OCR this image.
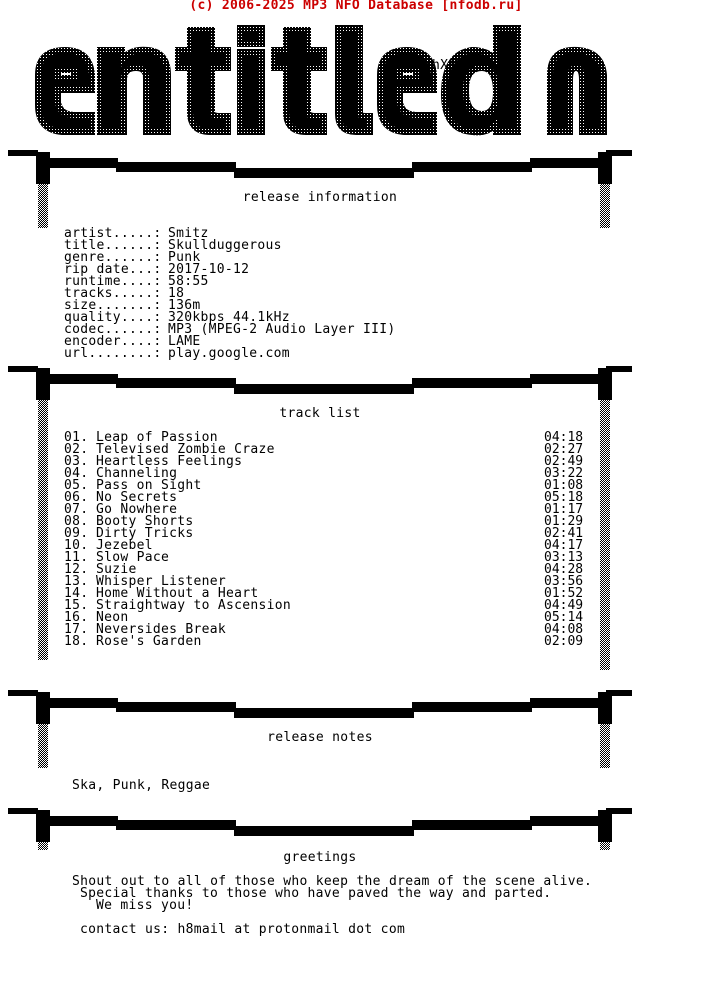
(c) 2006-2025 MP3 NFO Database [nfodb.ru]
hX!
release information
artist.....: Smitz
title......: Skullduggerous
genre......: Punk
rip date...: 2017-10-12
runtime....: 58:55
tracks.....: 18
size.......: 136m
quality....: 320kbps 44.1kHz
codec......: MP3 (MPEG-2 Audio Layer III)
encoder....: LAME
url........: play.google.com
track list
01. Leap of Passion	04:18
02. Televised Zombie Craze	02:27
03. Heartless Feelings	02:49
04. Channeling	03:22
05. Pass on Sight	01:08
06. No Secrets	05:18
07. Go Nowhere	01:17
08. Booty Shorts	01:29
09. Dirty Tricks	02:41
10. Jezebel	04:17
11. Slow Pace	03:13
12. Suzie	04:28
13. Whisper Listener	03:56
14. Home Without a Heart	01:52
15. Straightway to Ascension	04:49
16. Neon	05:14
17. Neversides Break	04:08
18. Rose's Garden	02:09
release notes
Ska, Punk, Reggae
greetings
Shout out to all of those who keep the dream of the scene alive.
Special thanks to those who have paved the way and parted.
We miss you!
contact us: h8mail at protonmail dot com
